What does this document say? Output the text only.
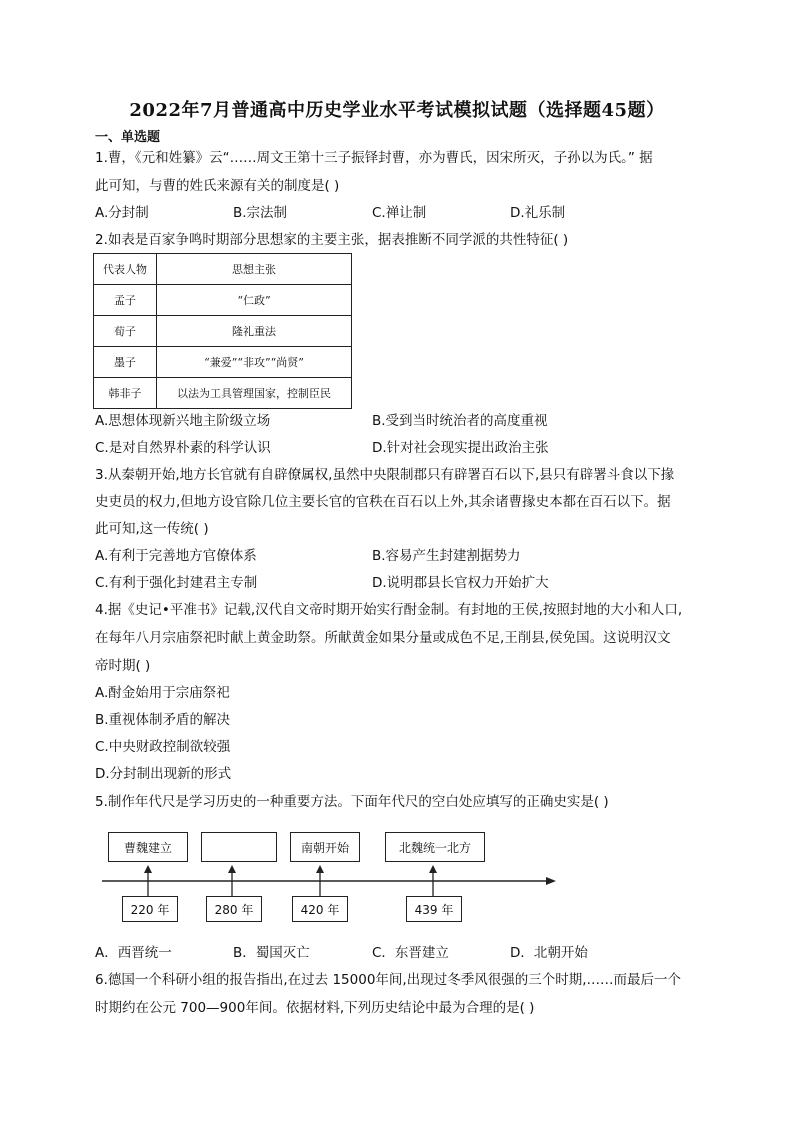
2022年7月普通高中历史学业水平考试模拟试题（选择题45题）
一、单选题
1.曹，《元和姓纂》云“……周文王第十三子振铎封曹，亦为曹氏，因宋所灭，子孙以为氏。” 据
此可知，与曹的姓氏来源有关的制度是( )
A.分封制	B.宗法制	C.禅让制	D.礼乐制
2.如表是百家争鸣时期部分思想家的主要主张，据表推断不同学派的共性特征( )
代表人物	思想主张
孟子	“仁政”
荀子	隆礼重法
墨子	“兼爱”“非攻”“尚贤”
韩非子	以法为工具管理国家，控制臣民
A.思想体现新兴地主阶级立场	B.受到当时统治者的高度重视
C.是对自然界朴素的科学认识	D.针对社会现实提出政治主张
3.从秦朝开始,地方长官就有自辟僚属权,虽然中央限制郡只有辟署百石以下,县只有辟署斗食以下掾
史吏员的权力,但地方设官除几位主要长官的官秩在百石以上外,其余诸曹掾史本都在百石以下。据
此可知,这一传统( )
A.有利于完善地方官僚体系	B.容易产生封建割据势力
C.有利于强化封建君主专制	D.说明郡县长官权力开始扩大
4.据《史记•平准书》记载,汉代自文帝时期开始实行酎金制。有封地的王侯,按照封地的大小和人口,
在每年八月宗庙祭祀时献上黄金助祭。所献黄金如果分量或成色不足,王削县,侯免国。这说明汉文
帝时期( )
A.酎金始用于宗庙祭祀
B.重视体制矛盾的解决
C.中央财政控制欲较强
D.分封制出现新的形式
5.制作年代尺是学习历史的一种重要方法。下面年代尺的空白处应填写的正确史实是( )
曹魏建立	南朝开始	北魏统一北方
220 年	280 年	420 年	439 年
A．西晋统一	B．蜀国灭亡	C．东晋建立	D．北朝开始
6.德国一个科研小组的报告指出,在过去 15000年间,出现过冬季风很强的三个时期,……而最后一个
时期约在公元 700—900年间。依据材料,下列历史结论中最为合理的是( )
